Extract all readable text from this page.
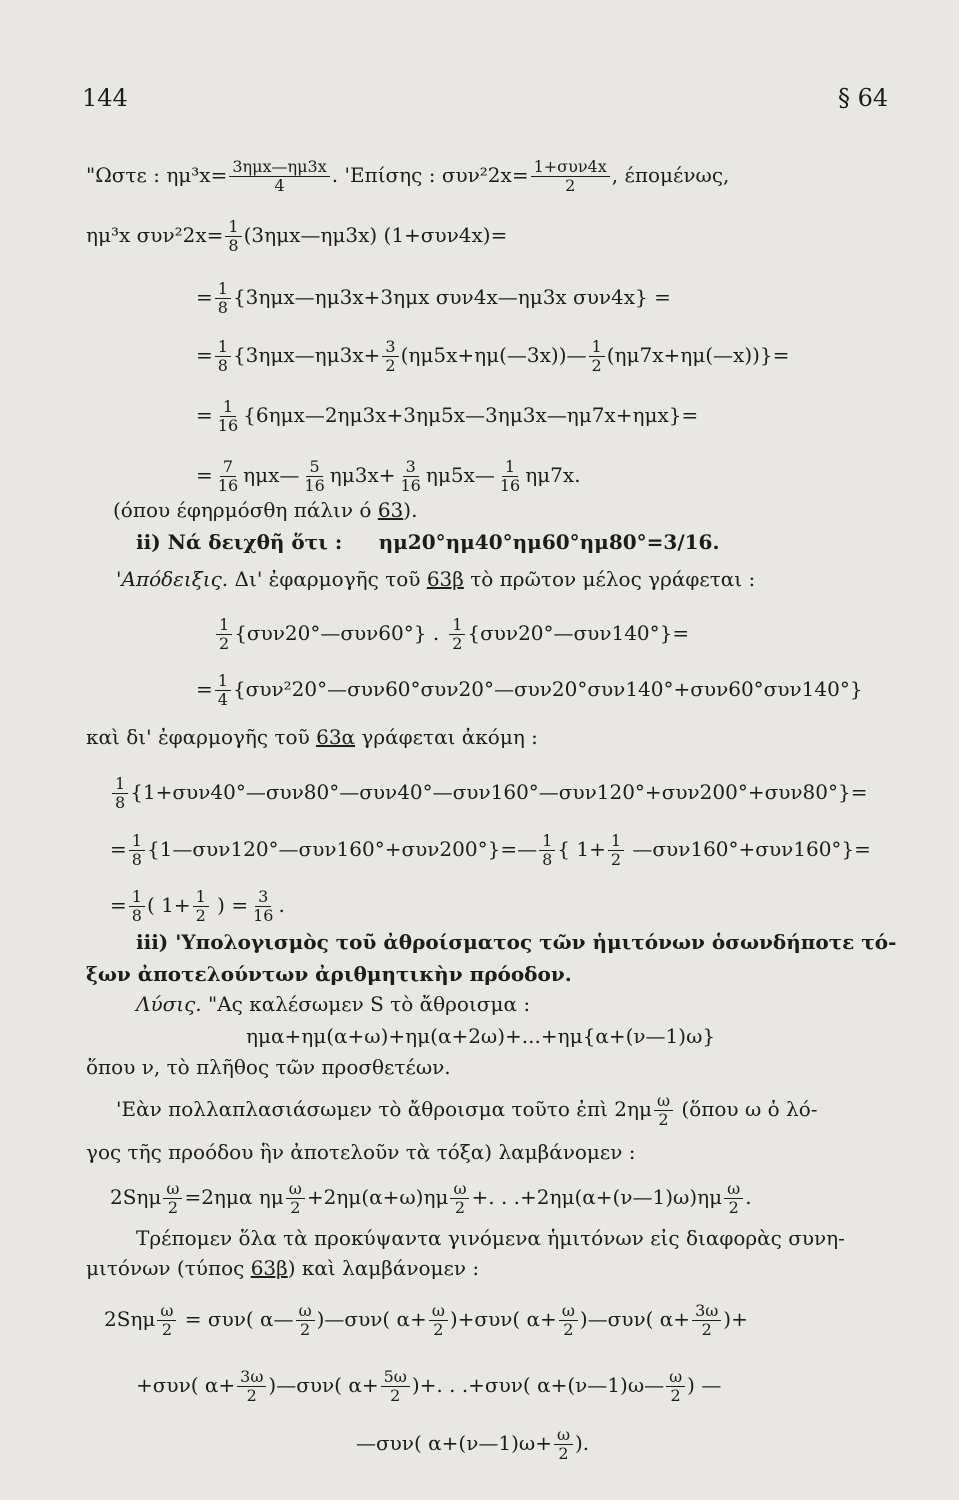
144	§ 64
"Ωστε : $\eta\mu^3x= \frac{\text{3ημx—ημ3x}}{4}$ . 'Επίσης : $\sigma\upsilon\nu^22x= \frac{\text{1+συν4x}}{2}$ , έπομένως,
ημ³x $\sigma\upsilon\nu^22x= \frac{1}{8}$ (3ημx—ημ3x) (1+συν4x)=
= $\frac{1}{8}$ {3ημx—ημ3x+3ημx συν4x—ημ3x συν4x} =
= $\frac{1}{8}$ {3ημx—ημ3x+ $\frac{3}{2}$ (ημ5x+ημ(—3x))— $\frac{1}{2}$ (ημ7x+ημ(—x))}=
= $\frac{1}{16}$ {6ημx—2ημ3x+3ημ5x—3ημ3x—ημ7x+ημx}=
= $\frac{7}{16}$ ημx— $\frac{5}{16} \eta\mu 3x+ \frac{3}{16}$ ημ5x— $\frac{1}{16} \eta\mu 7x$.
(όπου έφηρμόσθη πάλιν ό 63).
ii) Νά δειχθῆ ὅτι : ημ20°ημ40°ημ60°ημ80°=3/16.
'Απόδειξις. Δι' ἐφαρμογῆς τοῦ 63β τὸ πρῶτον μέλος γράφεται :
$\frac{1}{2}$ {συν20°—συν60°} . $\frac{1}{2}$ {συν20°—συν140°}=
= $\frac{1}{4}$ {συν²20°—συν60°συν20°—συν20°συν140°+συν60°συν140°}
καὶ δι' ἐφαρμογῆς τοῦ 63α γράφεται ἀκόμη :
$\frac{1}{8}$ {1+συν40°—συν80°—συν40°—συν160°—συν120°+συν200°+συν80°}=
= $\frac{1}{8}$ {1—συν120°—συν160°+συν200°}=— $\frac{1}{8}$ { $1+ \frac{1}{2}$ —συν160°+συν160°}=
= $\frac{1}{8}$ ( $1+ \frac{1}{2}$ ) = $\frac{3}{16}$ .
iii) 'Υπολογισμὸς τοῦ ἀθροίσματος τῶν ἡμιτόνων ὁσωνδήποτε τό-
ξων ἀποτελούντων ἀριθμητικὴν πρόοδον.
Λύσις. "Ας καλέσωμεν S τὸ ἄθροισμα :
ημα+ημ(α+ω)+ημ(α+2ω)+...+ημ{α+(ν—1)ω}
ὅπου ν, τὸ πλῆθος τῶν προσθετέων.
'Εὰν πολλαπλασιάσωμεν τὸ ἄθροισμα τοῦτο ἐπὶ $2\eta\mu \frac{\omega}{2}$ (ὅπου ω ὁ λό-
γος τῆς προόδου ἣν ἀποτελοῦν τὰ τόξα) λαμβάνομεν :
$2S\eta\mu \frac{\omega}{2} =2\eta\mu\alpha$ ημ $\frac{\omega}{2} +2\eta\mu(\alpha+\omega)\eta\mu \frac{\omega}{2}$ +. . .+2ημ(α+(ν—1)ω)ημ $\frac{\omega}{2}$ .
Τρέπομεν ὅλα τὰ προκύψαντα γινόμενα ἡμιτόνων εἰς διαφορὰς συνη-
μιτόνων (τύπος 63β) καὶ λαμβάνομεν :
$2S\eta\mu \frac{\omega}{2} = \sigma\upsilon\nu$( α— $\frac{\omega}{2}$ )—συν( $\alpha+ \frac{\omega}{2} )+\sigma\upsilon\nu$( $\alpha+ \frac{\omega}{2}$ )—συν( $\alpha+ \frac{3\omega}{2}$ )+
+συν( $\alpha+ \frac{3\omega}{2}$ )—συν( $\alpha+ \frac{5\omega}{2}$ )+. . .+συν( α+(ν—1)ω— $\frac{\omega}{2}$ ) —
—συν( α+(ν—1)ω+ $\frac{\omega}{2}$ ).
